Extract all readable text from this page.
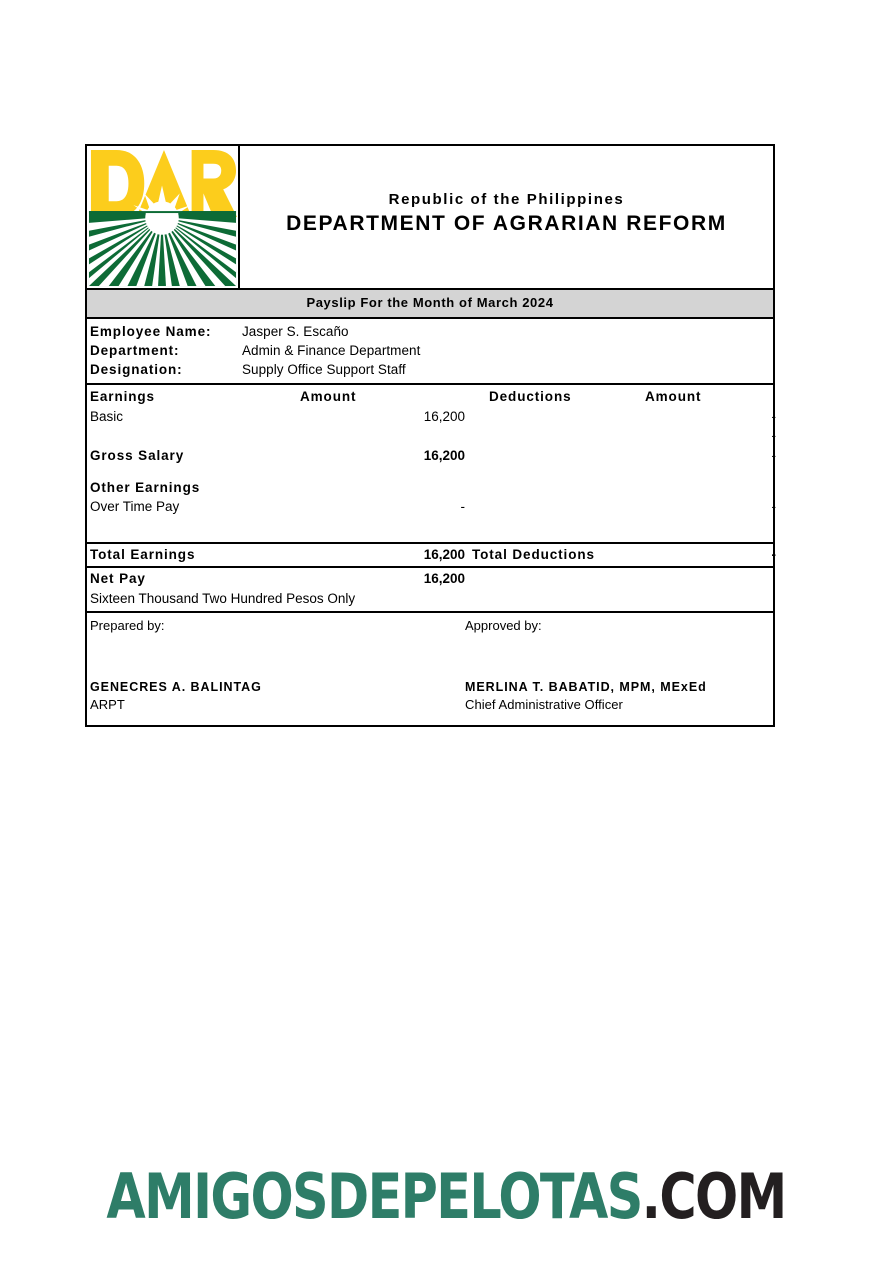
Republic of the Philippines
DEPARTMENT OF AGRARIAN REFORM
Payslip For the Month of March 2024
Employee Name:	Jasper S. Escaño
Department:	Admin & Finance Department
Designation:	Supply Office Support Staff
Earnings	Amount	Deductions	Amount
Basic	16,200	-
-
Gross Salary	16,200	-
Other Earnings
Over Time Pay	-	-
Total Earnings	16,200 Total Deductions	-
Net Pay	16,200
Sixteen Thousand Two Hundred Pesos Only
Prepared by:	Approved by:
GENECRES A. BALINTAG	MERLINA T. BABATID, MPM, MExEd
ARPT	Chief Administrative Officer
AMIGOSDEPELOTAS.COM
